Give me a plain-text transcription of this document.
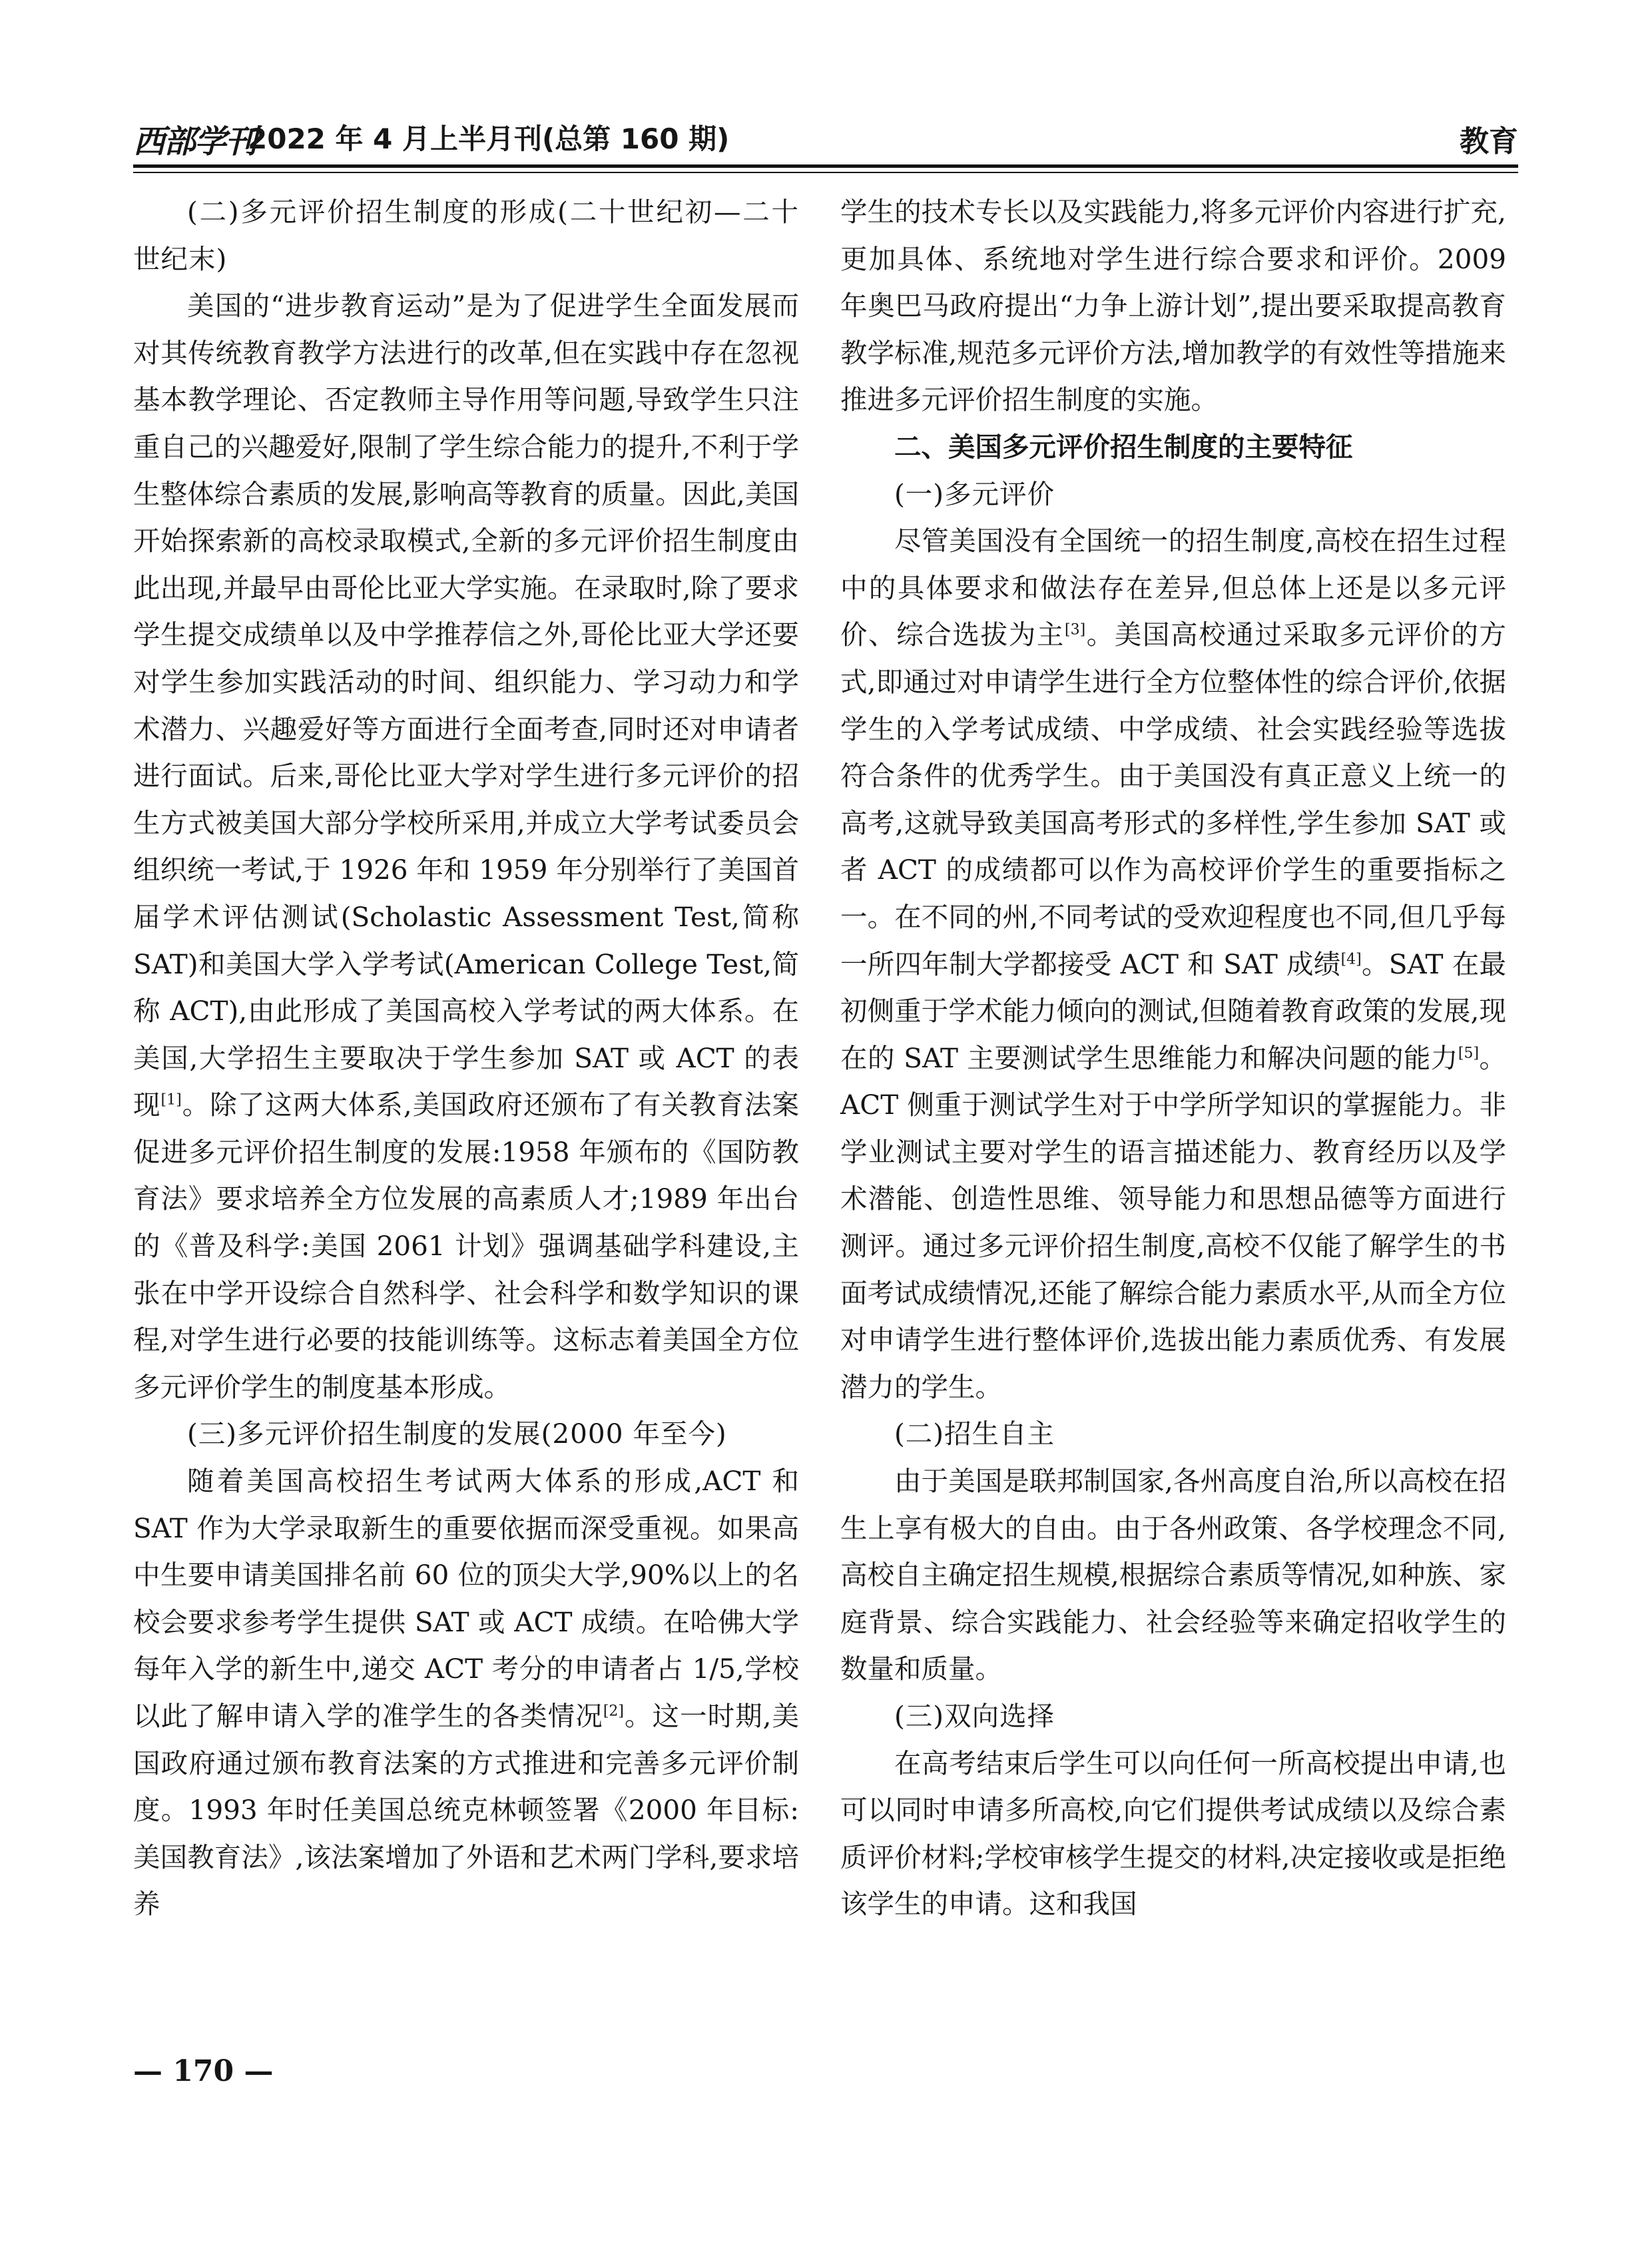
西部学刊
2022 年 4 月上半月刊(总第 160 期)	教育

(二)多元评价招生制度的形成(二十世纪初—二十世纪末)

美国的“进步教育运动”是为了促进学生全面发展而对其传统教育教学方法进行的改革,但在实践中存在忽视基本教学理论、否定教师主导作用等问题,导致学生只注重自己的兴趣爱好,限制了学生综合能力的提升,不利于学生整体综合素质的发展,影响高等教育的质量。因此,美国开始探索新的高校录取模式,全新的多元评价招生制度由此出现,并最早由哥伦比亚大学实施。在录取时,除了要求学生提交成绩单以及中学推荐信之外,哥伦比亚大学还要对学生参加实践活动的时间、组织能力、学习动力和学术潜力、兴趣爱好等方面进行全面考查,同时还对申请者进行面试。后来,哥伦比亚大学对学生进行多元评价的招生方式被美国大部分学校所采用,并成立大学考试委员会组织统一考试,于 1926 年和 1959 年分别举行了美国首届学术评估测试(Scholastic Assessment Test,简称 SAT)和美国大学入学考试(American College Test,简称 ACT),由此形成了美国高校入学考试的两大体系。在美国,大学招生主要取决于学生参加 SAT 或 ACT 的表现[1]。除了这两大体系,美国政府还颁布了有关教育法案促进多元评价招生制度的发展:1958 年颁布的《国防教育法》要求培养全方位发展的高素质人才;1989 年出台的《普及科学:美国 2061 计划》强调基础学科建设,主张在中学开设综合自然科学、社会科学和数学知识的课程,对学生进行必要的技能训练等。这标志着美国全方位多元评价学生的制度基本形成。

(三)多元评价招生制度的发展(2000 年至今)

随着美国高校招生考试两大体系的形成,ACT 和 SAT 作为大学录取新生的重要依据而深受重视。如果高中生要申请美国排名前 60 位的顶尖大学,90%以上的名校会要求参考学生提供 SAT 或 ACT 成绩。在哈佛大学每年入学的新生中,递交 ACT 考分的申请者占 1/5,学校以此了解申请入学的准学生的各类情况[2]。这一时期,美国政府通过颁布教育法案的方式推进和完善多元评价制度。1993 年时任美国总统克林顿签署《2000 年目标:美国教育法》,该法案增加了外语和艺术两门学科,要求培养

学生的技术专长以及实践能力,将多元评价内容进行扩充,更加具体、系统地对学生进行综合要求和评价。2009 年奥巴马政府提出“力争上游计划”,提出要采取提高教育教学标准,规范多元评价方法,增加教学的有效性等措施来推进多元评价招生制度的实施。

二、美国多元评价招生制度的主要特征

(一)多元评价

尽管美国没有全国统一的招生制度,高校在招生过程中的具体要求和做法存在差异,但总体上还是以多元评价、综合选拔为主[3]。美国高校通过采取多元评价的方式,即通过对申请学生进行全方位整体性的综合评价,依据学生的入学考试成绩、中学成绩、社会实践经验等选拔符合条件的优秀学生。由于美国没有真正意义上统一的高考,这就导致美国高考形式的多样性,学生参加 SAT 或者 ACT 的成绩都可以作为高校评价学生的重要指标之一。在不同的州,不同考试的受欢迎程度也不同,但几乎每一所四年制大学都接受 ACT 和 SAT 成绩[4]。SAT 在最初侧重于学术能力倾向的测试,但随着教育政策的发展,现在的 SAT 主要测试学生思维能力和解决问题的能力[5]。ACT 侧重于测试学生对于中学所学知识的掌握能力。非学业测试主要对学生的语言描述能力、教育经历以及学术潜能、创造性思维、领导能力和思想品德等方面进行测评。通过多元评价招生制度,高校不仅能了解学生的书面考试成绩情况,还能了解综合能力素质水平,从而全方位对申请学生进行整体评价,选拔出能力素质优秀、有发展潜力的学生。

(二)招生自主

由于美国是联邦制国家,各州高度自治,所以高校在招生上享有极大的自由。由于各州政策、各学校理念不同,高校自主确定招生规模,根据综合素质等情况,如种族、家庭背景、综合实践能力、社会经验等来确定招收学生的数量和质量。

(三)双向选择

在高考结束后学生可以向任何一所高校提出申请,也可以同时申请多所高校,向它们提供考试成绩以及综合素质评价材料;学校审核学生提交的材料,决定接收或是拒绝该学生的申请。这和我国

— 170 —
